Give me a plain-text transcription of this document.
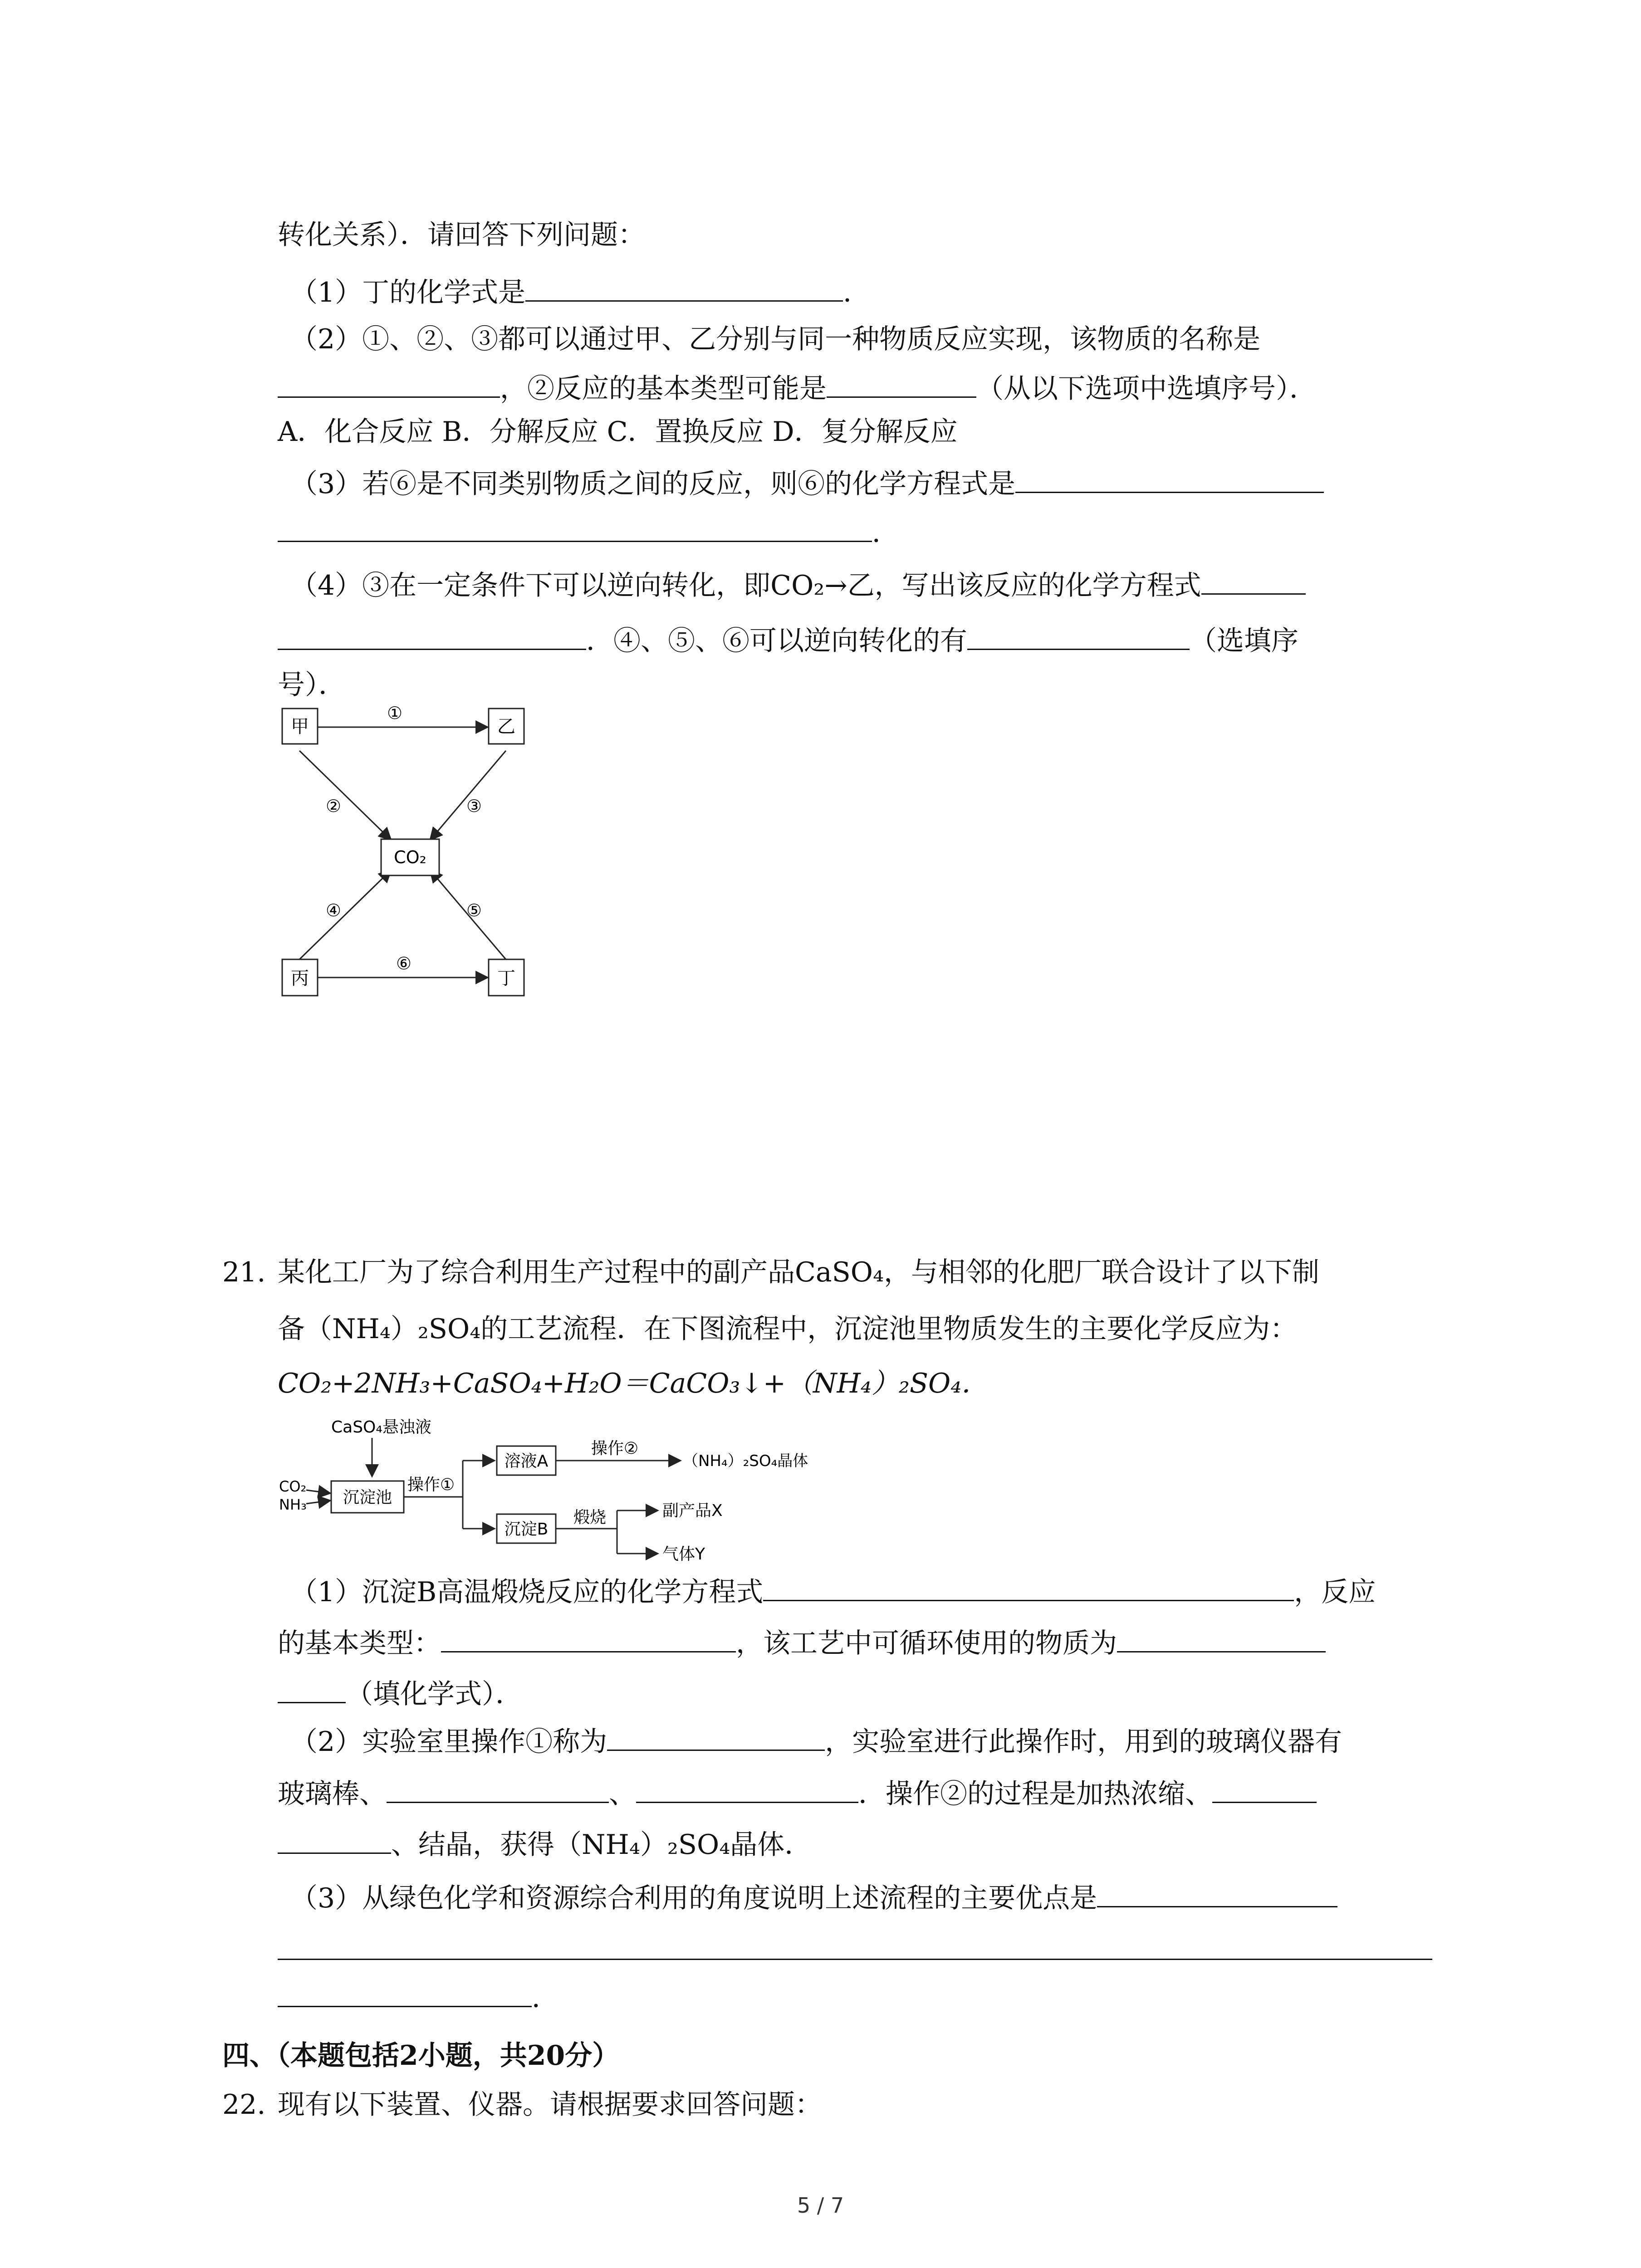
转化关系）．请回答下列问题：
（1）丁的化学式是	．
（2）①、②、③都可以通过甲、乙分别与同一种物质反应实现，该物质的名称是
，②反应的基本类型可能是	（从以下选项中选填序号）．
A．化合反应 B．分解反应 C．置换反应 D．复分解反应
（3）若⑥是不同类别物质之间的反应，则⑥的化学方程式是
．
（4）③在一定条件下可以逆向转化，即CO₂→乙，写出该反应的化学方程式
．④、⑤、⑥可以逆向转化的有	（选填序
号）．
甲	乙
CO₂
丙	丁
①
②	③
④	⑤
⑥
21. 某化工厂为了综合利用生产过程中的副产品CaSO₄，与相邻的化肥厂联合设计了以下制
备（NH₄）₂SO₄的工艺流程．在下图流程中，沉淀池里物质发生的主要化学反应为：
CO₂+2NH₃+CaSO₄+H₂O＝CaCO₃↓+（NH₄）₂SO₄．
CaSO₄悬浊液
CO₂
NH₃ 沉淀池
操作①
溶液A
操作②
（NH₄）₂SO₄晶体
沉淀B
煅烧	副产品X
气体Y
（1）沉淀B高温煅烧反应的化学方程式	，反应
的基本类型：	，该工艺中可循环使用的物质为
（填化学式）．
（2）实验室里操作①称为	，实验室进行此操作时，用到的玻璃仪器有
玻璃棒、	、	．操作②的过程是加热浓缩、
、结晶，获得（NH₄）₂SO₄晶体．
（3）从绿色化学和资源综合利用的角度说明上述流程的主要优点是
．
四、（本题包括2小题，共20分）
22. 现有以下装置、仪器。请根据要求回答问题：
5 / 7
